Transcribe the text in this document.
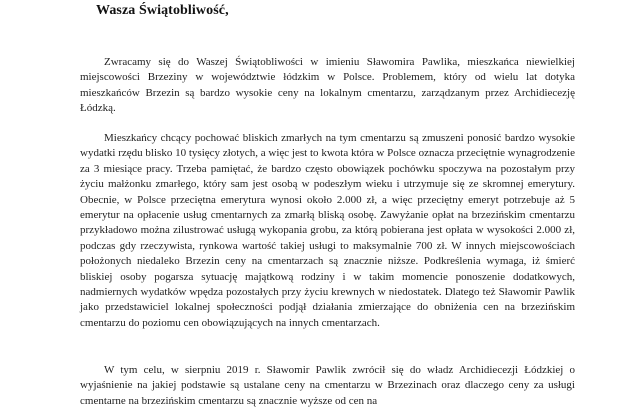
Wasza Świątobliwość,

Zwracamy się do Waszej Świątobliwości w imieniu Sławomira Pawlika, mieszkańca niewielkiej miejscowości Brzeziny w województwie łódzkim w Polsce. Problemem, który od wielu lat dotyka mieszkańców Brzezin są bardzo wysokie ceny na lokalnym cmentarzu, zarządzanym przez Archidiecezję Łódzką.

Mieszkańcy chcący pochować bliskich zmarłych na tym cmentarzu są zmuszeni ponosić bardzo wysokie wydatki rzędu blisko 10 tysięcy złotych, a więc jest to kwota która w Polsce oznacza przeciętnie wynagrodzenie za 3 miesiące pracy. Trzeba pamiętać, że bardzo często obowiązek pochówku spoczywa na pozostałym przy życiu małżonku zmarłego, który sam jest osobą w podeszłym wieku i utrzymuje się ze skromnej emerytury. Obecnie, w Polsce przeciętna emerytura wynosi około 2.000 zł, a więc przeciętny emeryt potrzebuje aż 5 emerytur na opłacenie usług cmentarnych za zmarłą bliską osobę. Zawyżanie opłat na brzezińskim cmentarzu przykładowo można zilustrować usługą wykopania grobu, za którą pobierana jest opłata w wysokości 2.000 zł, podczas gdy rzeczywista, rynkowa wartość takiej usługi to maksymalnie 700 zł. W innych miejscowościach położonych niedaleko Brzezin ceny na cmentarzach są znacznie niższe. Podkreślenia wymaga, iż śmierć bliskiej osoby pogarsza sytuację majątkową rodziny i w takim momencie ponoszenie dodatkowych, nadmiernych wydatków wpędza pozostałych przy życiu krewnych w niedostatek. Dlatego też Sławomir Pawlik jako przedstawiciel lokalnej społeczności podjął działania zmierzające do obniżenia cen na brzezińskim cmentarzu do poziomu cen obowiązujących na innych cmentarzach.

W tym celu, w sierpniu 2019 r. Sławomir Pawlik zwrócił się do władz Archidiecezji Łódzkiej o wyjaśnienie na jakiej podstawie są ustalane ceny na cmentarzu w Brzezinach oraz dlaczego ceny za usługi cmentarne na brzezińskim cmentarzu są znacznie wyższe od cen na
